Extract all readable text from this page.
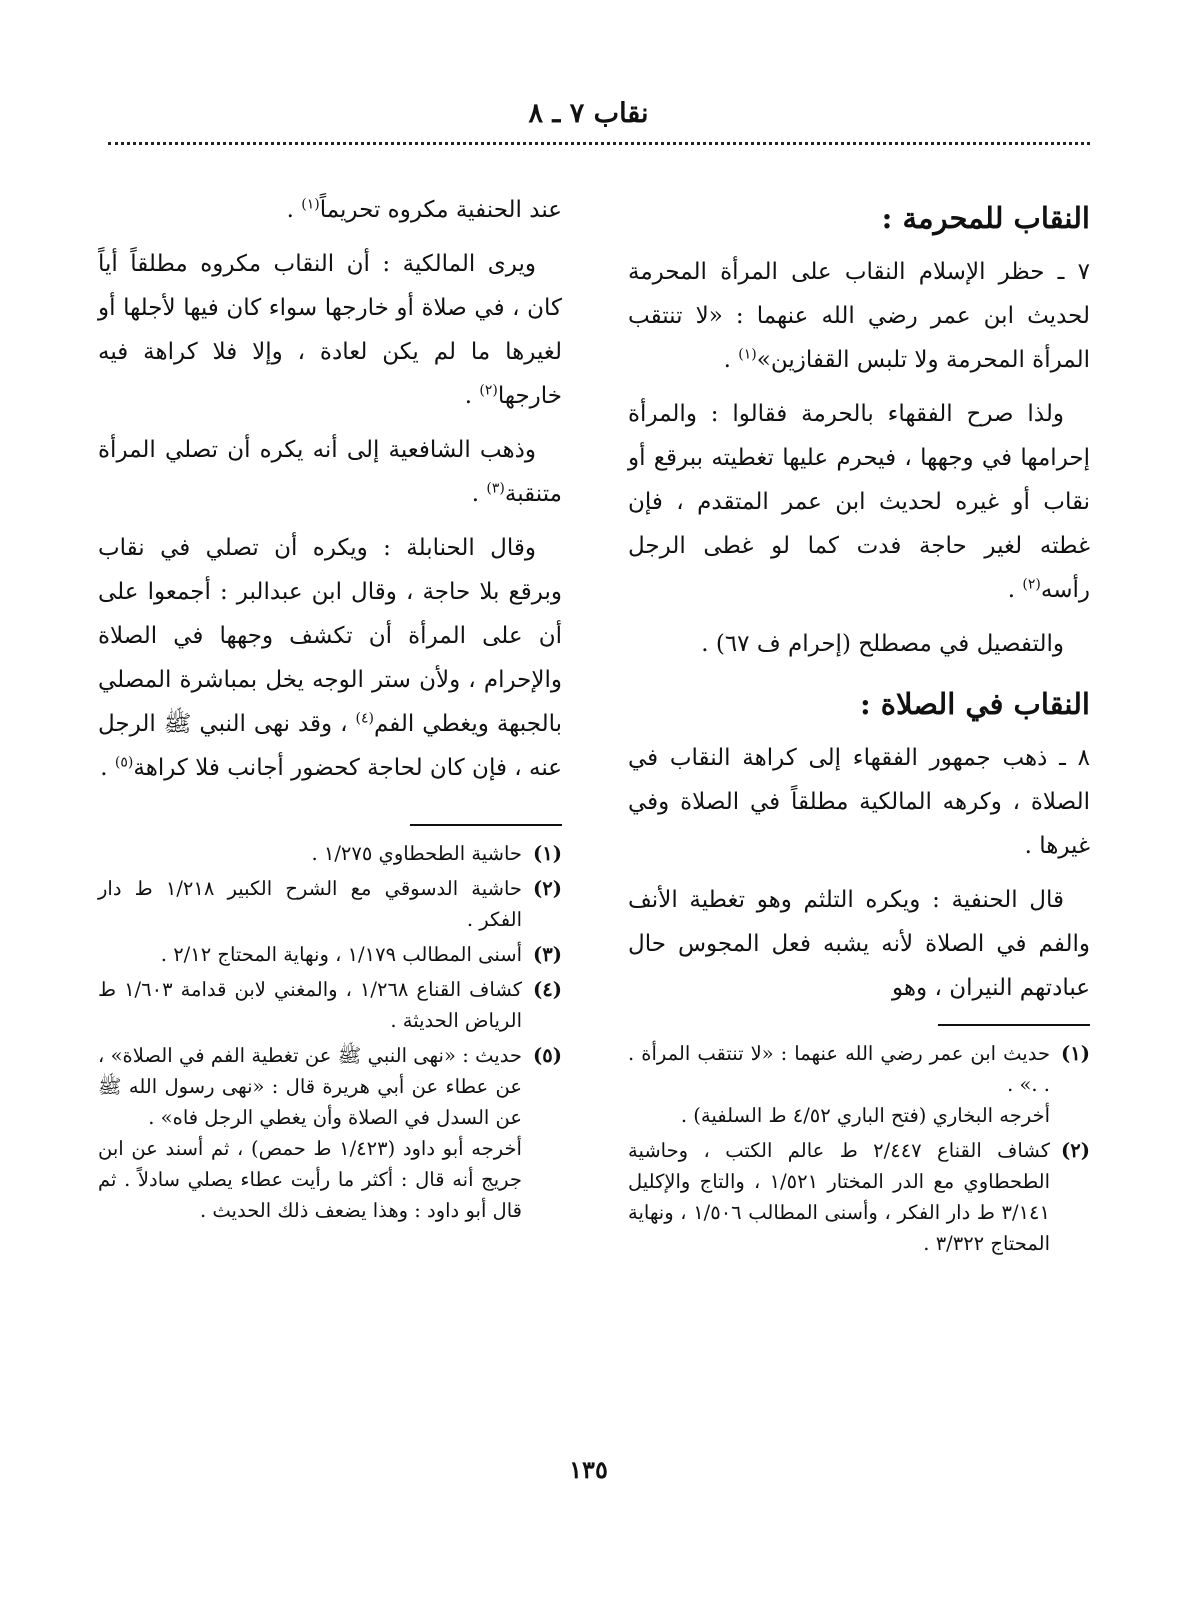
نقاب ٧ ـ ٨
النقاب للمحرمة :

٧ ـ حظر الإسلام النقاب على المرأة المحرمة لحديث ابن عمر رضي الله عنهما : «لا تنتقب المرأة المحرمة ولا تلبس القفازين»$^{(١)}$ .

ولذا صرح الفقهاء بالحرمة فقالوا : والمرأة إحرامها في وجهها ، فيحرم عليها تغطيته ببرقع أو نقاب أو غيره لحديث ابن عمر المتقدم ، فإن غطته لغير حاجة فدت كما لو غطى الرجل رأسه$^{(٢)}$ .

والتفصيل في مصطلح (إحرام ف ٦٧) .

النقاب في الصلاة :

٨ ـ ذهب جمهور الفقهاء إلى كراهة النقاب في الصلاة ، وكرهه المالكية مطلقاً في الصلاة وفي غيرها .

قال الحنفية : ويكره التلثم وهو تغطية الأنف والفم في الصلاة لأنه يشبه فعل المجوس حال عبادتهم النيران ، وهو

(١)
حديث ابن عمر رضي الله عنهما : «لا تنتقب المرأة . . .» .
أخرجه البخاري (فتح الباري ٤/٥٢ ط السلفية) .
(٢)
كشاف القناع ٢/٤٤٧ ط عالم الكتب ، وحاشية الطحطاوي مع الدر المختار ١/٥٢١ ، والتاج والإكليل ٣/١٤١ ط دار الفكر ، وأسنى المطالب ١/٥٠٦ ، ونهاية المحتاج ٣/٣٢٢ .

عند الحنفية مكروه تحريماً$^{(١)}$ .

ويرى المالكية : أن النقاب مكروه مطلقاً أياً كان ، في صلاة أو خارجها سواء كان فيها لأجلها أو لغيرها ما لم يكن لعادة ، وإلا فلا كراهة فيه خارجها$^{(٢)}$ .

وذهب الشافعية إلى أنه يكره أن تصلي المرأة متنقبة$^{(٣)}$ .

وقال الحنابلة : ويكره أن تصلي في نقاب وبرقع بلا حاجة ، وقال ابن عبدالبر : أجمعوا على أن على المرأة أن تكشف وجهها في الصلاة والإحرام ، ولأن ستر الوجه يخل بمباشرة المصلي بالجبهة ويغطي الفم$^{(٤)}$ ، وقد نهى النبي ﷺ الرجل عنه ، فإن كان لحاجة كحضور أجانب فلا كراهة$^{(٥)}$ .

(١)
حاشية الطحطاوي ١/٢٧٥ .
(٢)
حاشية الدسوقي مع الشرح الكبير ١/٢١٨ ط دار الفكر .
(٣)
أسنى المطالب ١/١٧٩ ، ونهاية المحتاج ٢/١٢ .
(٤)
كشاف القناع ١/٢٦٨ ، والمغني لابن قدامة ١/٦٠٣ ط الرياض الحديثة .
(٥)
حديث : «نهى النبي ﷺ عن تغطية الفم في الصلاة» ، عن عطاء عن أبي هريرة قال : «نهى رسول الله ﷺ عن السدل في الصلاة وأن يغطي الرجل فاه» .
أخرجه أبو داود (١/٤٢٣ ط حمص) ، ثم أسند عن ابن جريج أنه قال : أكثر ما رأيت عطاء يصلي سادلاً . ثم قال أبو داود : وهذا يضعف ذلك الحديث .
١٣٥
